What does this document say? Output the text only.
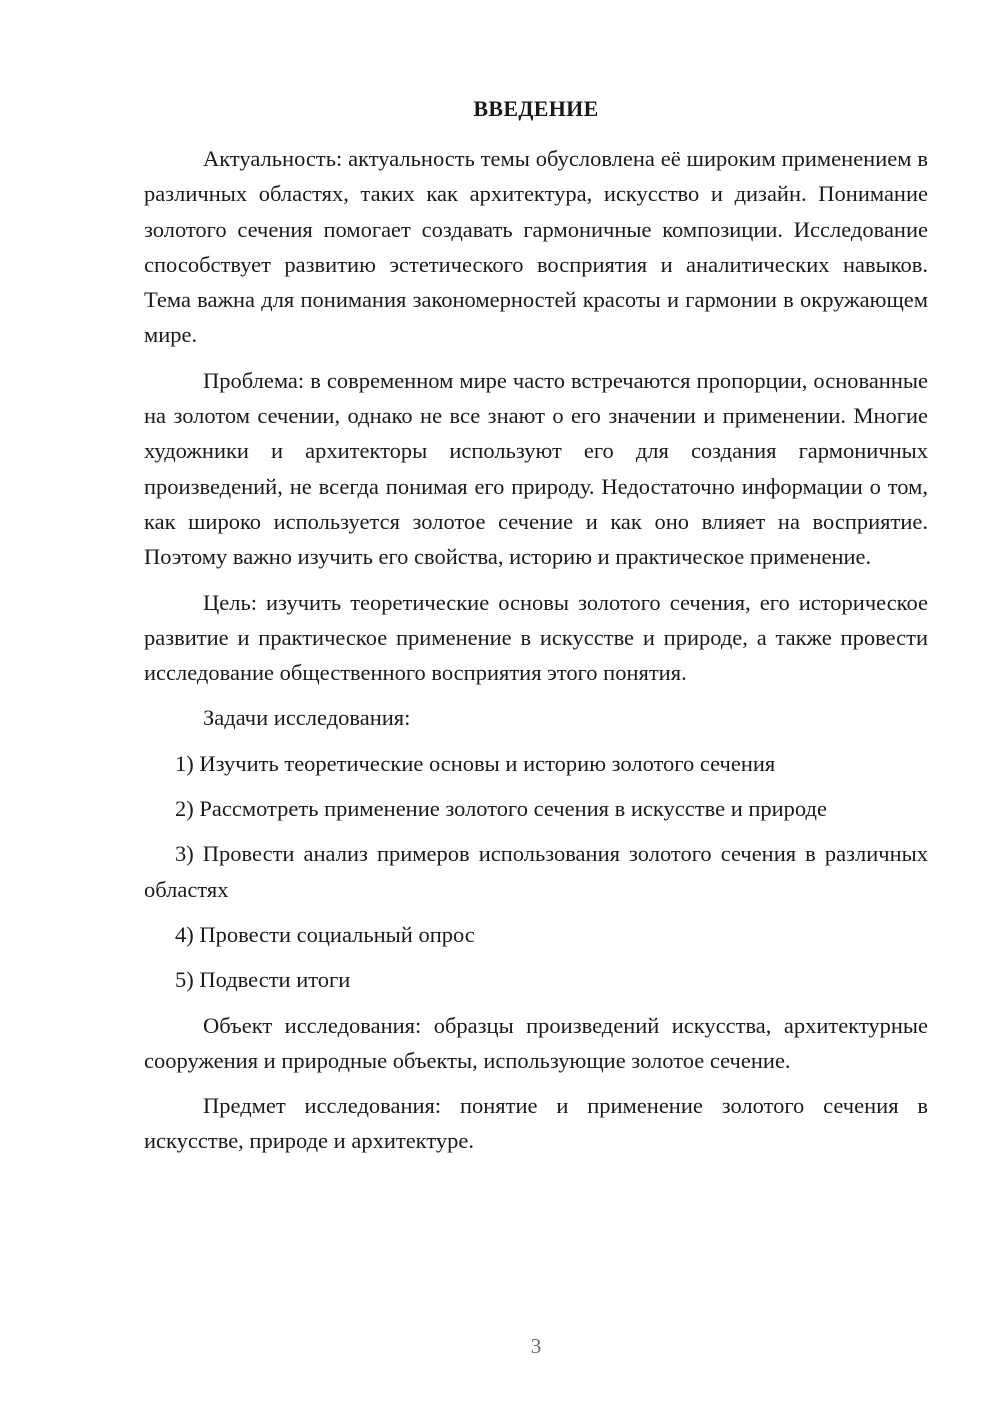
ВВЕДЕНИЕ

Актуальность: актуальность темы обусловлена её широким применением в различных областях, таких как архитектура, искусство и дизайн. Понимание золотого сечения помогает создавать гармоничные композиции. Исследование способствует развитию эстетического восприятия и аналитических навыков. Тема важна для понимания закономерностей красоты и гармонии в окружающем мире.

Проблема: в современном мире часто встречаются пропорции, основанные на золотом сечении, однако не все знают о его значении и применении. Многие художники и архитекторы используют его для создания гармоничных произведений, не всегда понимая его природу. Недостаточно информации о том, как широко используется золотое сечение и как оно влияет на восприятие. Поэтому важно изучить его свойства, историю и практическое применение.

Цель: изучить теоретические основы золотого сечения, его историческое развитие и практическое применение в искусстве и природе, а также провести исследование общественного восприятия этого понятия.

Задачи исследования:

1) Изучить теоретические основы и историю золотого сечения

2) Рассмотреть применение золотого сечения в искусстве и природе

3) Провести анализ примеров использования золотого сечения в различных областях

4) Провести социальный опрос

5) Подвести итоги

Объект исследования: образцы произведений искусства, архитектурные сооружения и природные объекты, использующие золотое сечение.

Предмет исследования: понятие и применение золотого сечения в искусстве, природе и архитектуре.

3
